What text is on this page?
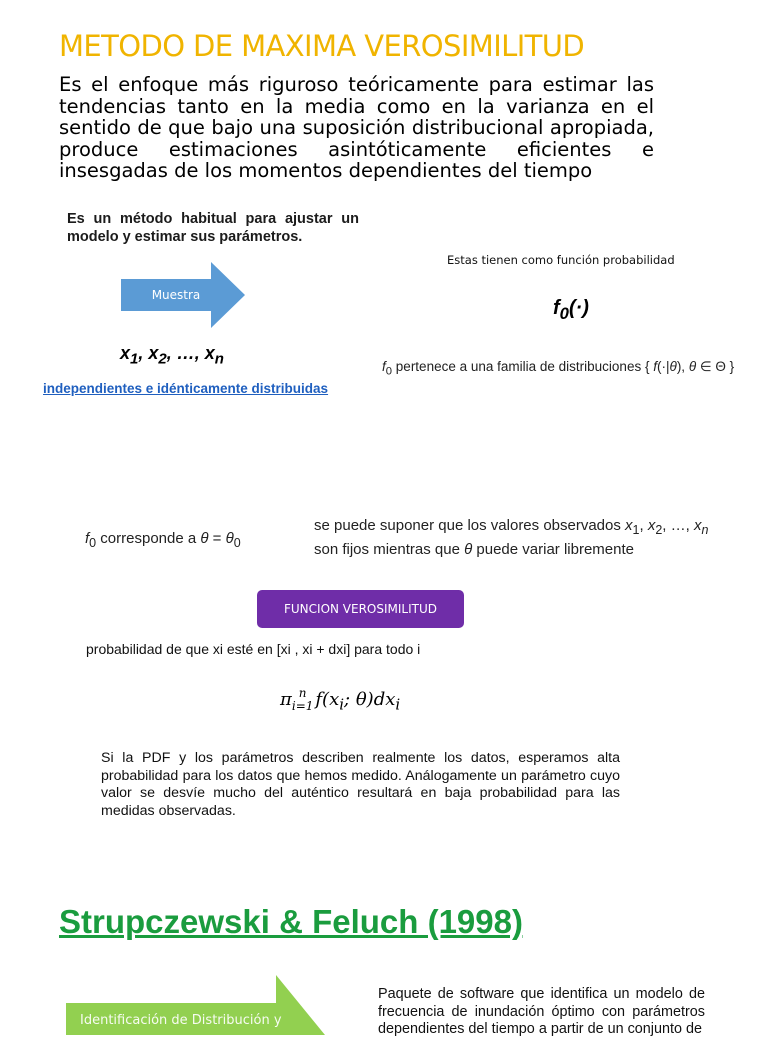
METODO DE MAXIMA VEROSIMILITUD
Es el enfoque más riguroso teóricamente para estimar las tendencias tanto en la media como en la varianza en el sentido de que bajo una suposición distribucional apropiada, produce estimaciones asintóticamente eficientes e insesgadas de los momentos dependientes del tiempo
Es un método habitual para ajustar un modelo y estimar sus parámetros.
Muestra
$x_1$, $x_2$, …, $x_n$
independientes e idénticamente distribuidas
Estas tienen como función probabilidad
$f_0(\cdot)$
$f_0$ pertenece a una familia de distribuciones { f(·|θ), θ ∈ Θ }
$f_0$ corresponde a $\theta = \theta_0$
se puede suponer que los valores observados $x_1$, $x_2$, …, $x_n$ son fijos mientras que θ puede variar libremente
FUNCION VEROSIMILITUD
probabilidad de que xi esté en [xi , xi + dxi] para todo i
π n
i=1 $f(x_i$; $\theta)dx_i$
Si la PDF y los parámetros describen realmente los datos, esperamos alta probabilidad para los datos que hemos medido. Análogamente un parámetro cuyo valor se desvíe mucho del auténtico resultará en baja probabilidad para las medidas observadas.
Strupczewski & Feluch (1998)
Identificación de Distribución y
Paquete de software que identifica un modelo de frecuencia de inundación óptimo con parámetros dependientes del tiempo a partir de un conjunto de
